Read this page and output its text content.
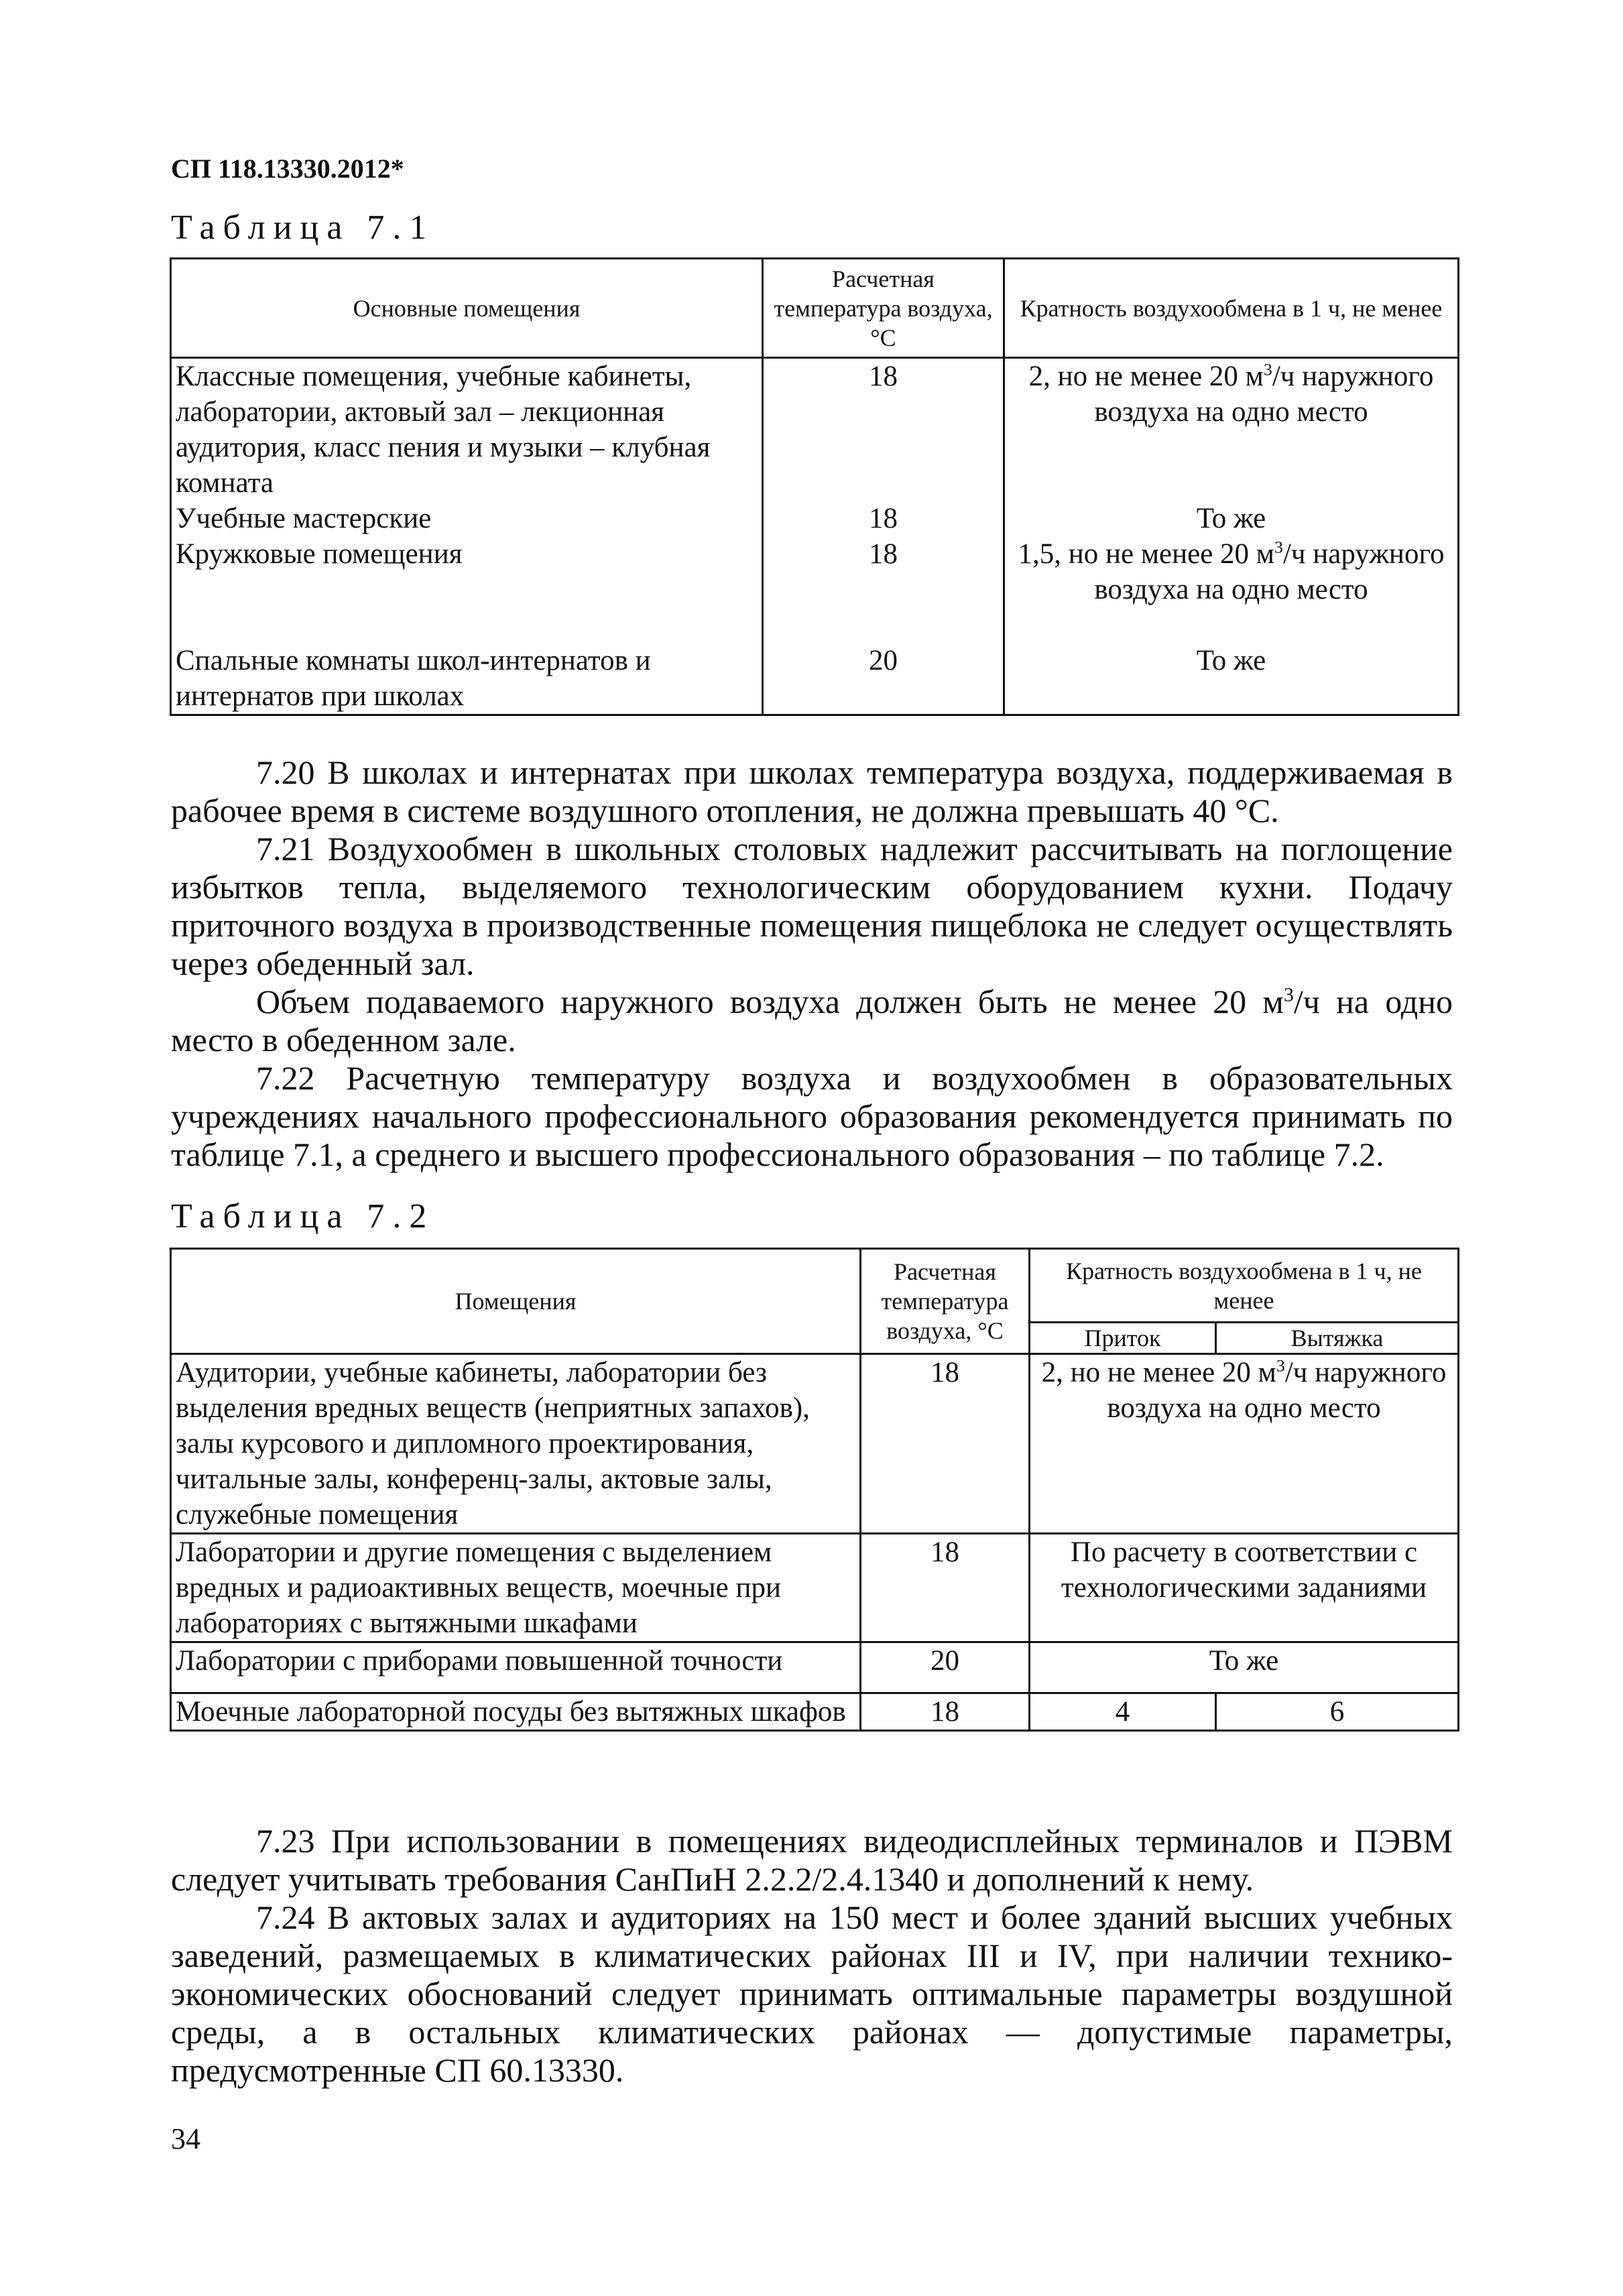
СП 118.13330.2012*
Таблица 7.1
Основные помещения	Расчетная температура воздуха, °С	Кратность воздухообмена в 1 ч, не менее
Классные помещения, учебные кабинеты, лаборатории, актовый зал – лекционная аудитория, класс пения и музыки – клубная комната	18	2, но не менее 20 $м^3/ч$ наружного воздуха на одно место
Учебные мастерские	18	То же
Кружковые помещения	18	1,5, но не менее 20 $м^3/ч$ наружного воздуха на одно место
Спальные комнаты школ-интернатов и интернатов при школах	20	То же

7.20 В школах и интернатах при школах температура воздуха, поддерживаемая в рабочее время в системе воздушного отопления, не должна превышать 40 °С.

7.21 Воздухообмен в школьных столовых надлежит рассчитывать на поглощение избытков тепла, выделяемого технологическим оборудованием кухни. Подачу приточного воздуха в производственные помещения пищеблока не следует осуществлять через обеденный зал.

Объем подаваемого наружного воздуха должен быть не менее 20 $м^3/ч$ на одно место в обеденном зале.

7.22 Расчетную температуру воздуха и воздухообмен в образовательных учреждениях начального профессионального образования рекомендуется принимать по таблице 7.1, а среднего и высшего профессионального образования – по таблице 7.2.

Таблица 7.2
Помещения	Расчетная температура воздуха, °С	Кратность воздухообмена в 1 ч, не менее	
		Приток	Вытяжка
Аудитории, учебные кабинеты, лаборатории без выделения вредных веществ (неприятных запахов), залы курсового и дипломного проектирования, читальные залы, конференц-залы, актовые залы, служебные помещения	18	2, но не менее 20 $м^3/ч$ наружного воздуха на одно место	
Лаборатории и другие помещения с выделением вредных и радиоактивных веществ, моечные при лабораториях с вытяжными шкафами	18	По расчету в соответствии с технологическими заданиями	
Лаборатории с приборами повышенной точности	20	То же	
Моечные лабораторной посуды без вытяжных шкафов	18	4	6

7.23 При использовании в помещениях видеодисплейных терминалов и ПЭВМ следует учитывать требования СанПиН 2.2.2/2.4.1340 и дополнений к нему.

7.24 В актовых залах и аудиториях на 150 мест и более зданий высших учебных заведений, размещаемых в климатических районах III и IV, при наличии технико-экономических обоснований следует принимать оптимальные параметры воздушной среды, а в остальных климатических районах — допустимые параметры, предусмотренные СП 60.13330.

34
